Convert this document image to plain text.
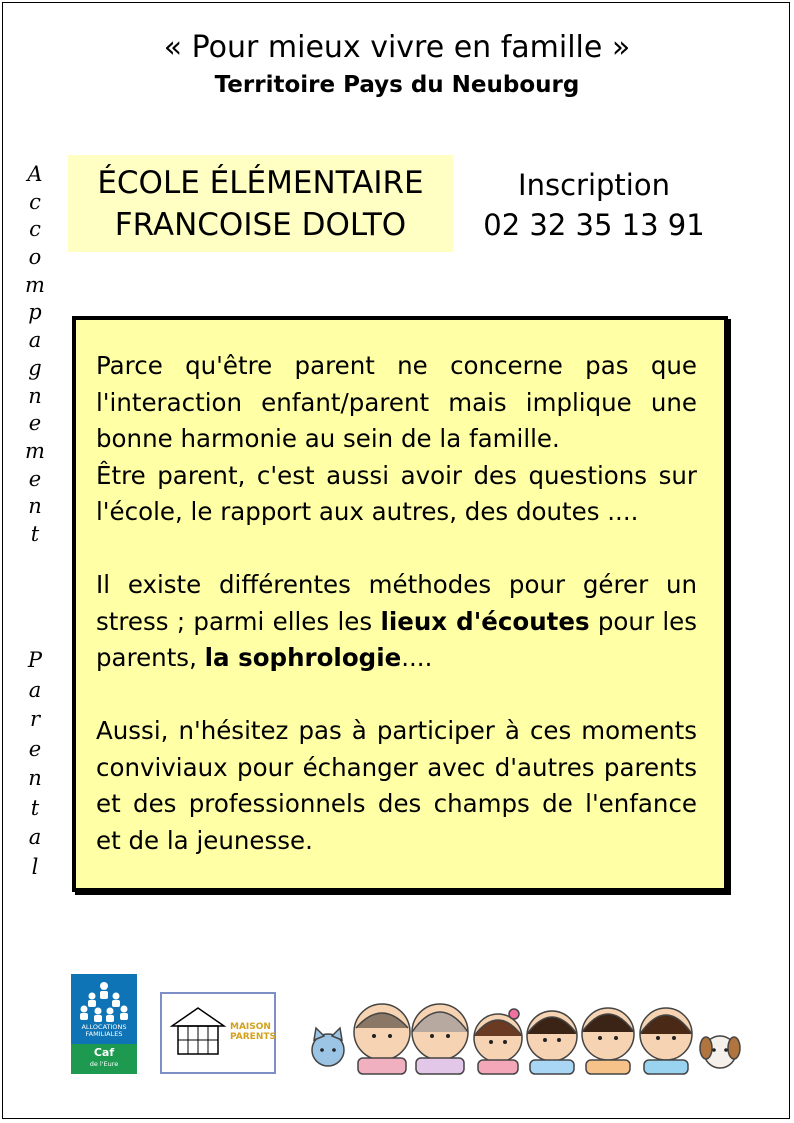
« Pour mieux vivre en famille »
Territoire Pays du Neubourg
ÉCOLE ÉLÉMENTAIRE
FRANCOISE DOLTO
Inscription
02 32 35 13 91
A
c
c
o
m
p
a
g
n
e
m
e
n
t
P
a
r
e
n
t
a
l

Parce qu'être parent ne concerne pas que l'interaction enfant/parent mais implique une bonne harmonie au sein de la famille.
Être parent, c'est aussi avoir des questions sur l'école, le rapport aux autres, des doutes ....

Il existe différentes méthodes pour gérer un stress ; parmi elles les lieux d'écoutes pour les parents, la sophrologie....

Aussi, n'hésitez pas à participer à ces moments conviviaux pour échanger avec d'autres parents et des professionnels des champs de l'enfance et de la jeunesse.

ALLOCATIONS FAMILIALES
Caf
de l'Eure
MAISON PARENTS
